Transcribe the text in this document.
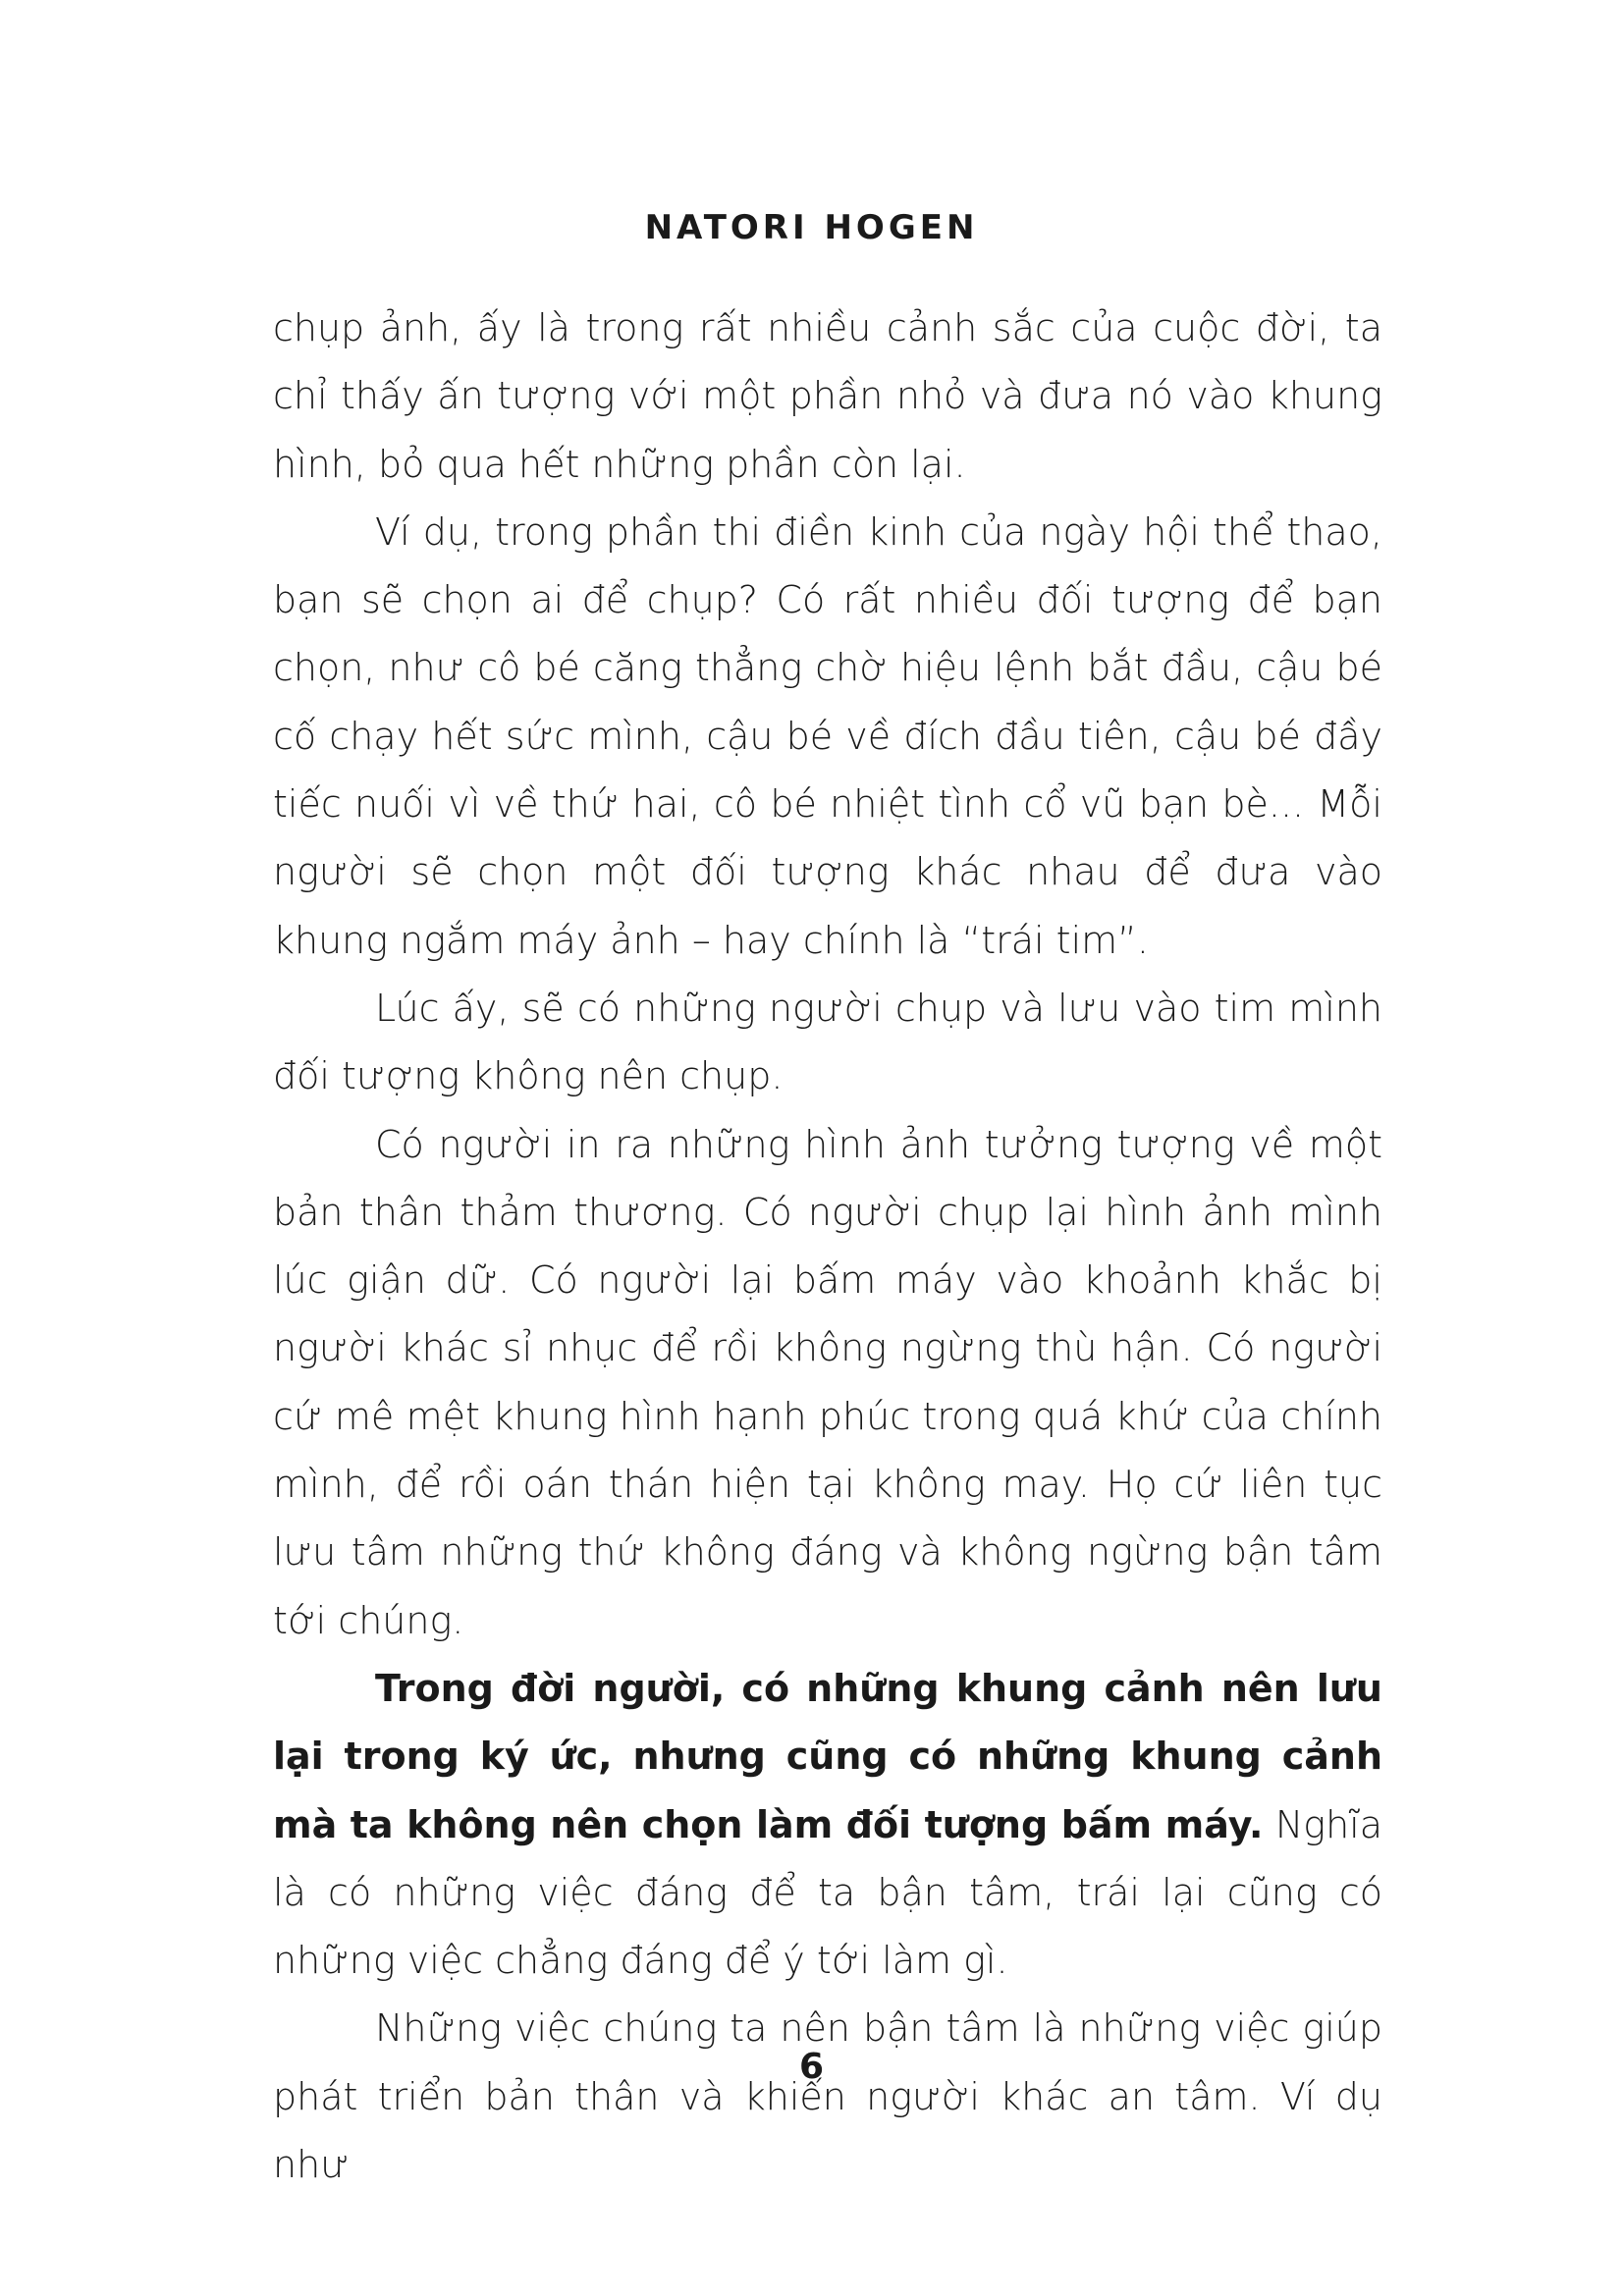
NATORI HOGEN

chụp ảnh, ấy là trong rất nhiều cảnh sắc của cuộc đời, ta chỉ thấy ấn tượng với một phần nhỏ và đưa nó vào khung hình, bỏ qua hết những phần còn lại.

Ví dụ, trong phần thi điền kinh của ngày hội thể thao, bạn sẽ chọn ai để chụp? Có rất nhiều đối tượng để bạn chọn, như cô bé căng thẳng chờ hiệu lệnh bắt đầu, cậu bé cố chạy hết sức mình, cậu bé về đích đầu tiên, cậu bé đầy tiếc nuối vì về thứ hai, cô bé nhiệt tình cổ vũ bạn bè... Mỗi người sẽ chọn một đối tượng khác nhau để đưa vào khung ngắm máy ảnh – hay chính là “trái tim”.

Lúc ấy, sẽ có những người chụp và lưu vào tim mình đối tượng không nên chụp.

Có người in ra những hình ảnh tưởng tượng về một bản thân thảm thương. Có người chụp lại hình ảnh mình lúc giận dữ. Có người lại bấm máy vào khoảnh khắc bị người khác sỉ nhục để rồi không ngừng thù hận. Có người cứ mê mệt khung hình hạnh phúc trong quá khứ của chính mình, để rồi oán thán hiện tại không may. Họ cứ liên tục lưu tâm những thứ không đáng và không ngừng bận tâm tới chúng.

Trong đời người, có những khung cảnh nên lưu lại trong ký ức, nhưng cũng có những khung cảnh mà ta không nên chọn làm đối tượng bấm máy. Nghĩa là có những việc đáng để ta bận tâm, trái lại cũng có những việc chẳng đáng để ý tới làm gì.

Những việc chúng ta nên bận tâm là những việc giúp phát triển bản thân và khiến người khác an tâm. Ví dụ như

6
